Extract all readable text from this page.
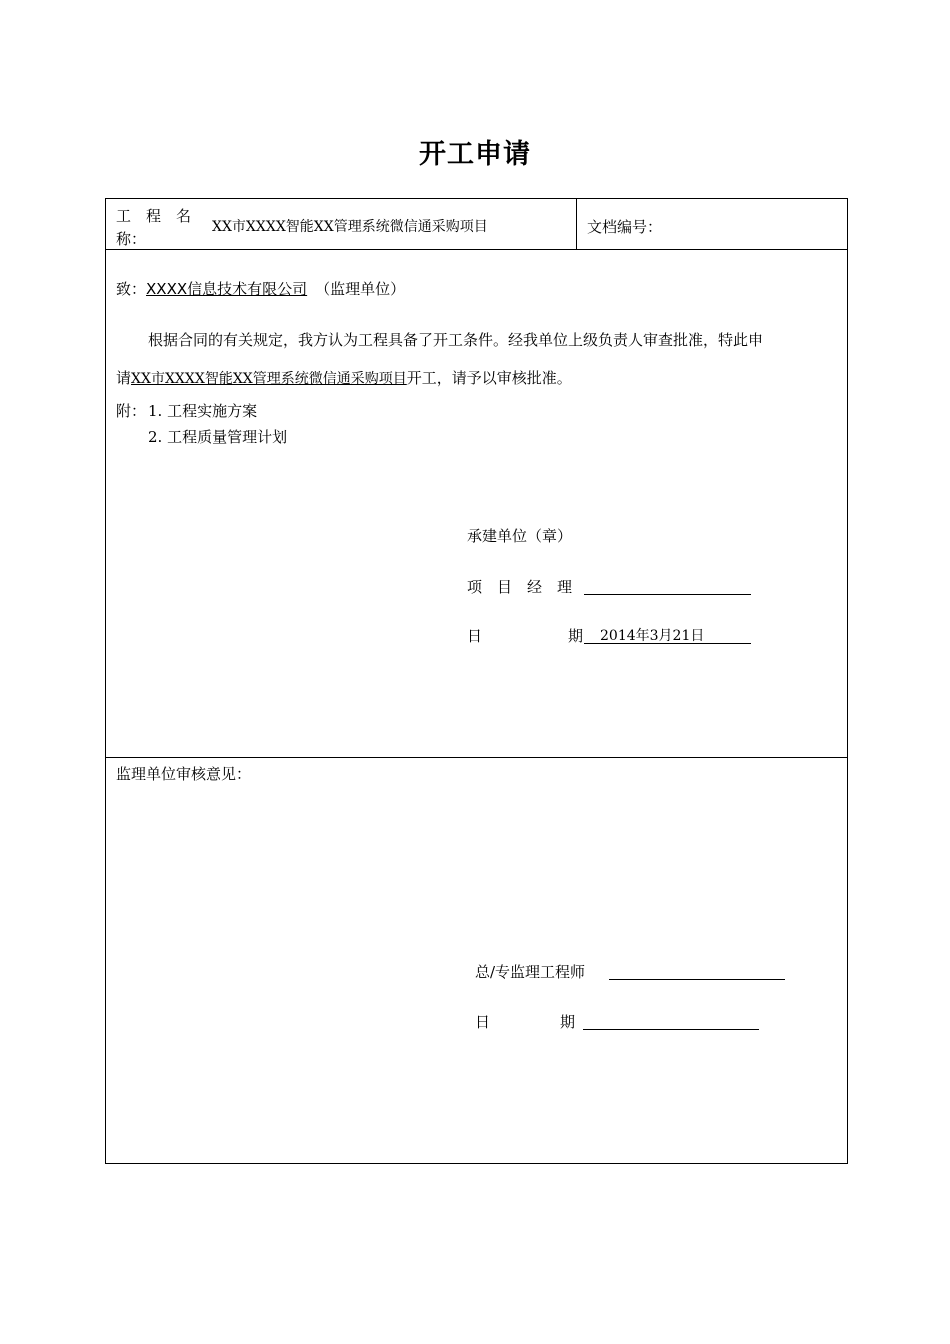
开工申请
工　程　名
称：
XX市XXXX智能XX管理系统微信通采购项目	文档编号：
致：XXXX信息技术有限公司 （监理单位）
根据合同的有关规定，我方认为工程具备了开工条件。经我单位上级负责人审查批准，特此申
请XX市XXXX智能XX管理系统微信通采购项目开工，请予以审核批准。
附： 1. 工程实施方案
2. 工程质量管理计划
承建单位（章）
项　目　经　理
日	期 2014年3月21日
监理单位审核意见：
总/专监理工程师
日	期
